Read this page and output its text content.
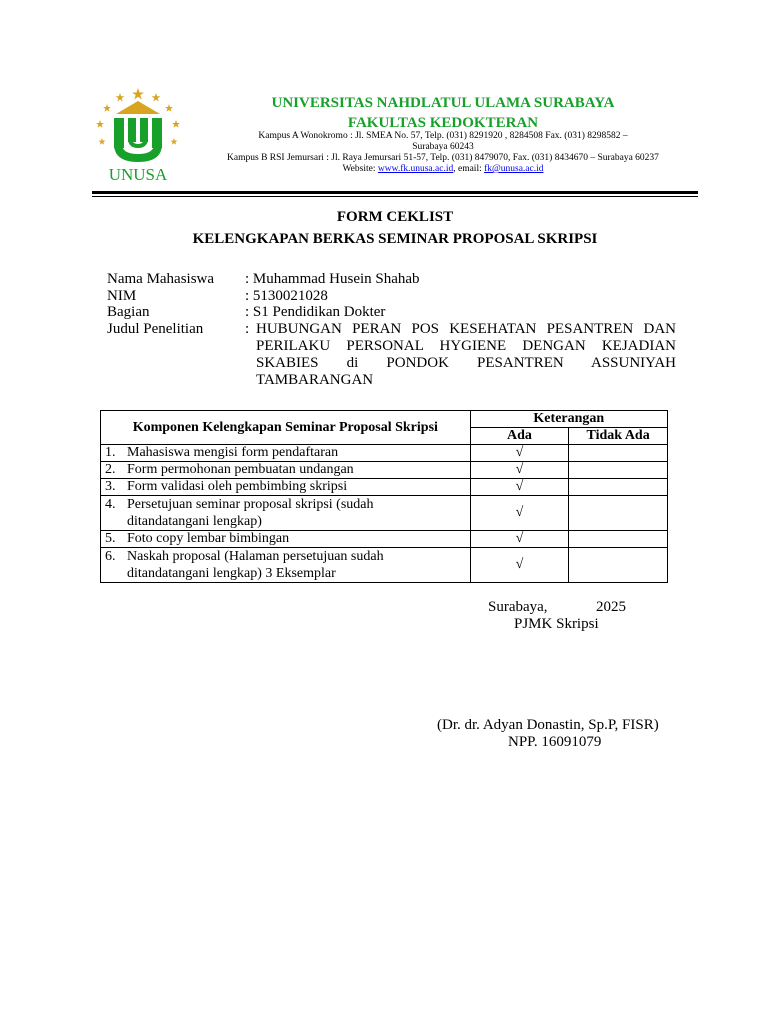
UNUSA
UNIVERSITAS NAHDLATUL ULAMA SURABAYA
FAKULTAS KEDOKTERAN
Kampus A Wonokromo : Jl. SMEA No. 57, Telp. (031) 8291920 , 8284508 Fax. (031) 8298582 –
Surabaya 60243
Kampus B RSI Jemursari : Jl. Raya Jemursari 51-57, Telp. (031) 8479070, Fax. (031) 8434670 – Surabaya 60237
Website: www.fk.unusa.ac.id, email: fk@unusa.ac.id
FORM CEKLIST
KELENGKAPAN BERKAS SEMINAR PROPOSAL SKRIPSI
Nama Mahasiswa : Muhammad Husein Shahab
NIM	: 5130021028
Bagian	: S1 Pendidikan Dokter
Judul Penelitian	: HUBUNGAN PERAN POS KESEHATAN PESANTREN DAN
PERILAKU PERSONAL HYGIENE DENGAN KEJADIAN
SKABIES di PONDOK PESANTREN ASSUNIYAH
TAMBARANGAN
Komponen Kelengkapan Seminar Proposal Skripsi	Keterangan	
	Ada	Tidak Ada
1. Mahasiswa mengisi form pendaftaran	√	
2. Form permohonan pembuatan undangan	√	
3. Form validasi oleh pembimbing skripsi	√	

4. Persetujuan seminar proposal skripsi (sudah
ditandatangani lengkap)	√	
5. Foto copy lembar bimbingan	√	

6. Naskah proposal (Halaman persetujuan sudah
ditandatangani lengkap) 3 Eksemplar	√	
Surabaya,	2025
PJMK Skripsi
(Dr. dr. Adyan Donastin, Sp.P, FISR)
NPP. 16091079
